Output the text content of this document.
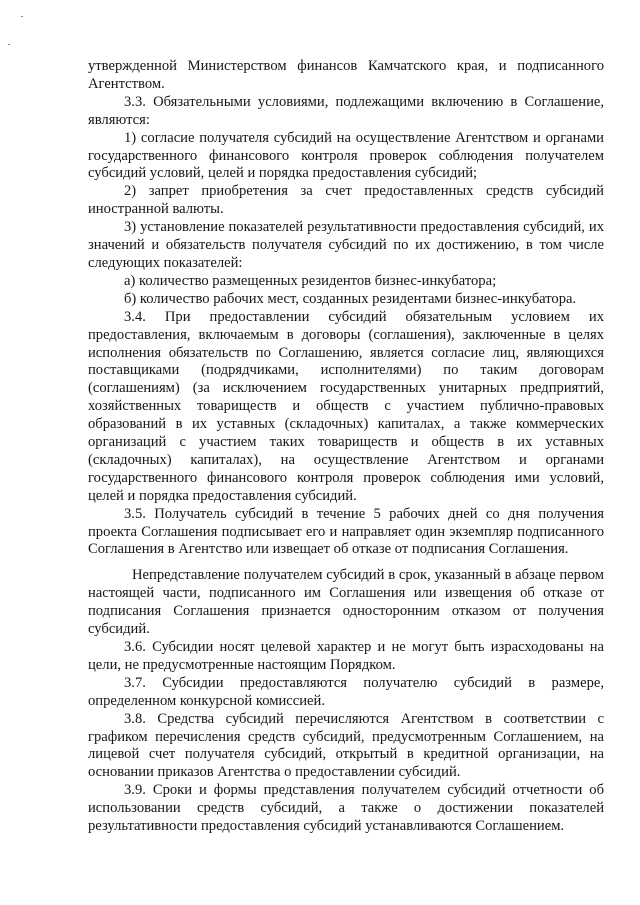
утвержденной Министерством финансов Камчатского края, и подписанного Агентством.

3.3. Обязательными условиями, подлежащими включению в Соглашение, являются:

1) согласие получателя субсидий на осуществление Агентством и органами государственного финансового контроля проверок соблюдения получателем субсидий условий, целей и порядка предоставления субсидий;

2) запрет приобретения за счет предоставленных средств субсидий иностранной валюты.

3) установление показателей результативности предоставления субсидий, их значений и обязательств получателя субсидий по их достижению, в том числе следующих показателей:

а) количество размещенных резидентов бизнес-инкубатора;

б) количество рабочих мест, созданных резидентами бизнес-инкубатора.

3.4. При предоставлении субсидий обязательным условием их предоставления, включаемым в договоры (соглашения), заключенные в целях исполнения обязательств по Соглашению, является согласие лиц, являющихся поставщиками (подрядчиками, исполнителями) по таким договорам (соглашениям) (за исключением государственных унитарных предприятий, хозяйственных товариществ и обществ с участием публично-правовых образований в их уставных (складочных) капиталах, а также коммерческих организаций с участием таких товариществ и обществ в их уставных (складочных) капиталах), на осуществление Агентством и органами государственного финансового контроля проверок соблюдения ими условий, целей и порядка предоставления субсидий.

3.5. Получатель субсидий в течение 5 рабочих дней со дня получения проекта Соглашения подписывает его и направляет один экземпляр подписанного Соглашения в Агентство или извещает об отказе от подписания Соглашения.

Непредставление получателем субсидий в срок, указанный в абзаце первом настоящей части, подписанного им Соглашения или извещения об отказе от подписания Соглашения признается односторонним отказом от получения субсидий.

3.6. Субсидии носят целевой характер и не могут быть израсходованы на цели, не предусмотренные настоящим Порядком.

3.7. Субсидии предоставляются получателю субсидий в размере, определенном конкурсной комиссией.

3.8. Средства субсидий перечисляются Агентством в соответствии с графиком перечисления средств субсидий, предусмотренным Соглашением, на лицевой счет получателя субсидий, открытый в кредитной организации, на основании приказов Агентства о предоставлении субсидий.

3.9. Сроки и формы представления получателем субсидий отчетности об использовании средств субсидий, а также о достижении показателей результативности предоставления субсидий устанавливаются Соглашением.
